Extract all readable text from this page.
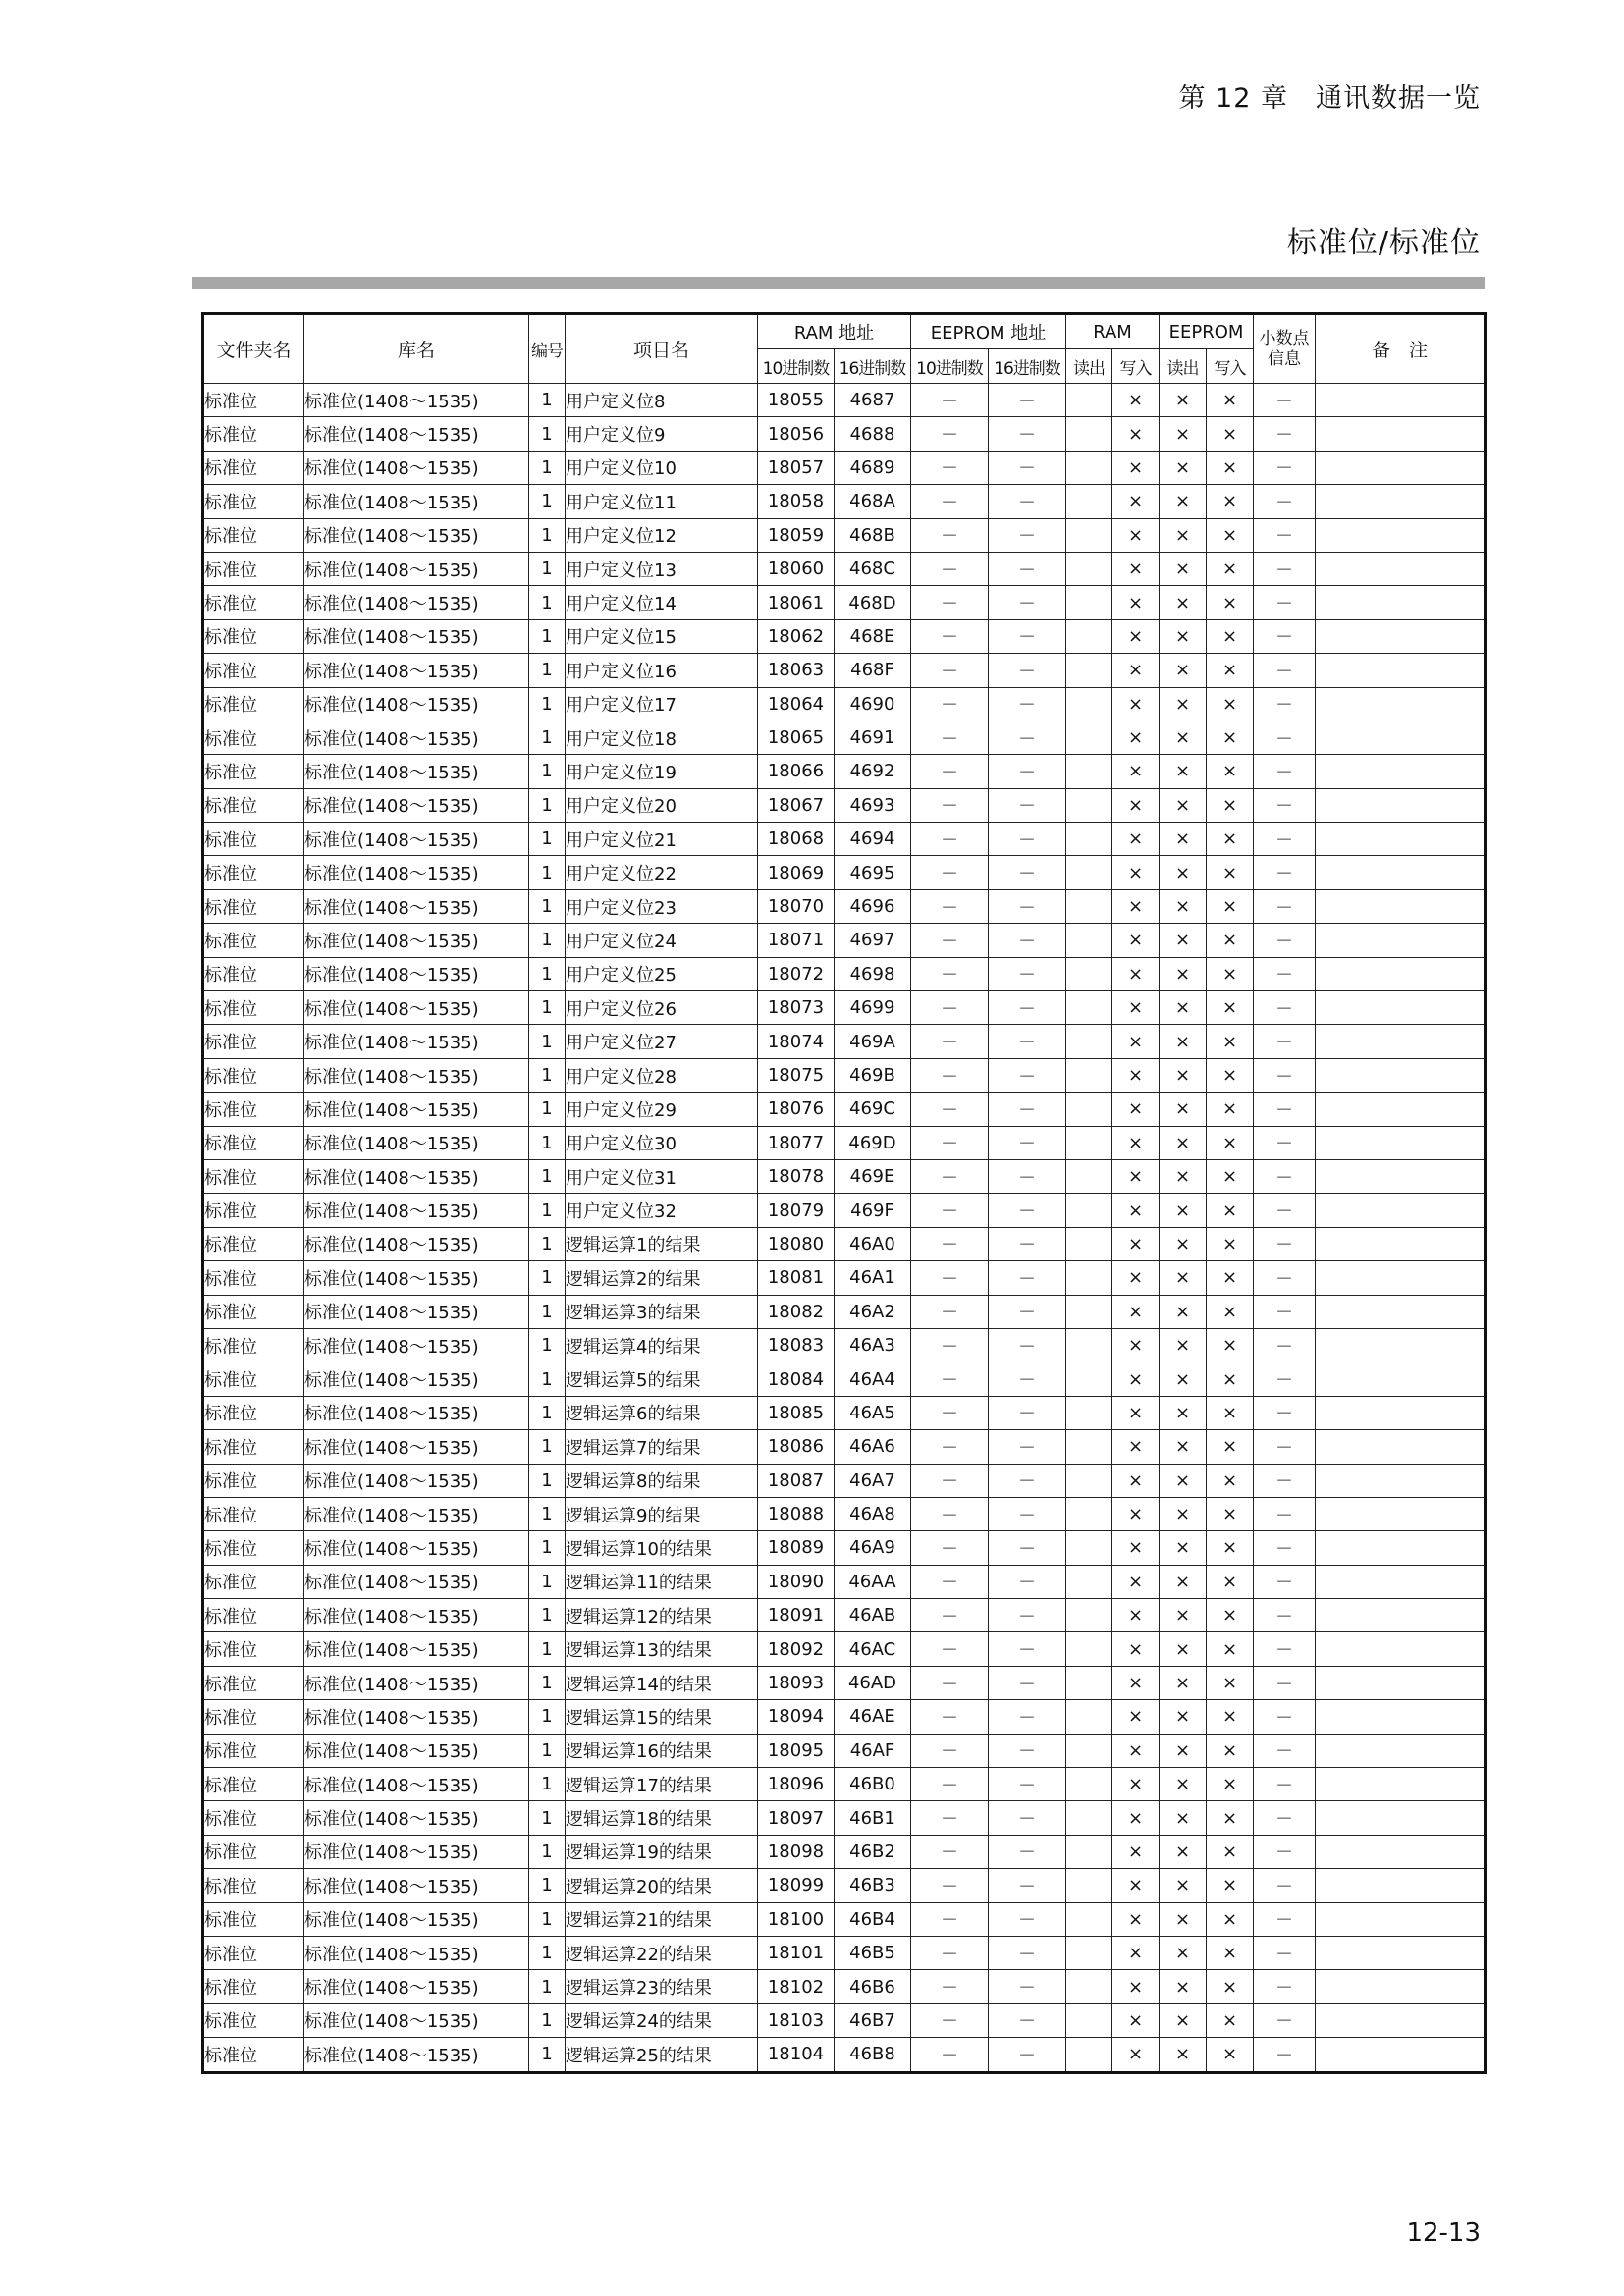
第 12 章　通讯数据一览
标准位/标准位
文件夹名	库名	编号	项目名	RAM 地址		EEPROM 地址		RAM		EEPROM		小数点信息	备　注
				10进制数	16进制数	10进制数	16进制数	读出	写入	读出	写入		
标准位	标准位(1408～1535)	1	用户定义位8	18055	4687	－	－		×	×	×	－	
标准位	标准位(1408～1535)	1	用户定义位9	18056	4688	－	－		×	×	×	－	
标准位	标准位(1408～1535)	1	用户定义位10	18057	4689	－	－		×	×	×	－	
标准位	标准位(1408～1535)	1	用户定义位11	18058	468A	－	－		×	×	×	－	
标准位	标准位(1408～1535)	1	用户定义位12	18059	468B	－	－		×	×	×	－	
标准位	标准位(1408～1535)	1	用户定义位13	18060	468C	－	－		×	×	×	－	
标准位	标准位(1408～1535)	1	用户定义位14	18061	468D	－	－		×	×	×	－	
标准位	标准位(1408～1535)	1	用户定义位15	18062	468E	－	－		×	×	×	－	
标准位	标准位(1408～1535)	1	用户定义位16	18063	468F	－	－		×	×	×	－	
标准位	标准位(1408～1535)	1	用户定义位17	18064	4690	－	－		×	×	×	－	
标准位	标准位(1408～1535)	1	用户定义位18	18065	4691	－	－		×	×	×	－	
标准位	标准位(1408～1535)	1	用户定义位19	18066	4692	－	－		×	×	×	－	
标准位	标准位(1408～1535)	1	用户定义位20	18067	4693	－	－		×	×	×	－	
标准位	标准位(1408～1535)	1	用户定义位21	18068	4694	－	－		×	×	×	－	
标准位	标准位(1408～1535)	1	用户定义位22	18069	4695	－	－		×	×	×	－	
标准位	标准位(1408～1535)	1	用户定义位23	18070	4696	－	－		×	×	×	－	
标准位	标准位(1408～1535)	1	用户定义位24	18071	4697	－	－		×	×	×	－	
标准位	标准位(1408～1535)	1	用户定义位25	18072	4698	－	－		×	×	×	－	
标准位	标准位(1408～1535)	1	用户定义位26	18073	4699	－	－		×	×	×	－	
标准位	标准位(1408～1535)	1	用户定义位27	18074	469A	－	－		×	×	×	－	
标准位	标准位(1408～1535)	1	用户定义位28	18075	469B	－	－		×	×	×	－	
标准位	标准位(1408～1535)	1	用户定义位29	18076	469C	－	－		×	×	×	－	
标准位	标准位(1408～1535)	1	用户定义位30	18077	469D	－	－		×	×	×	－	
标准位	标准位(1408～1535)	1	用户定义位31	18078	469E	－	－		×	×	×	－	
标准位	标准位(1408～1535)	1	用户定义位32	18079	469F	－	－		×	×	×	－	
标准位	标准位(1408～1535)	1	逻辑运算1的结果	18080	46A0	－	－		×	×	×	－	
标准位	标准位(1408～1535)	1	逻辑运算2的结果	18081	46A1	－	－		×	×	×	－	
标准位	标准位(1408～1535)	1	逻辑运算3的结果	18082	46A2	－	－		×	×	×	－	
标准位	标准位(1408～1535)	1	逻辑运算4的结果	18083	46A3	－	－		×	×	×	－	
标准位	标准位(1408～1535)	1	逻辑运算5的结果	18084	46A4	－	－		×	×	×	－	
标准位	标准位(1408～1535)	1	逻辑运算6的结果	18085	46A5	－	－		×	×	×	－	
标准位	标准位(1408～1535)	1	逻辑运算7的结果	18086	46A6	－	－		×	×	×	－	
标准位	标准位(1408～1535)	1	逻辑运算8的结果	18087	46A7	－	－		×	×	×	－	
标准位	标准位(1408～1535)	1	逻辑运算9的结果	18088	46A8	－	－		×	×	×	－	
标准位	标准位(1408～1535)	1	逻辑运算10的结果	18089	46A9	－	－		×	×	×	－	
标准位	标准位(1408～1535)	1	逻辑运算11的结果	18090	46AA	－	－		×	×	×	－	
标准位	标准位(1408～1535)	1	逻辑运算12的结果	18091	46AB	－	－		×	×	×	－	
标准位	标准位(1408～1535)	1	逻辑运算13的结果	18092	46AC	－	－		×	×	×	－	
标准位	标准位(1408～1535)	1	逻辑运算14的结果	18093	46AD	－	－		×	×	×	－	
标准位	标准位(1408～1535)	1	逻辑运算15的结果	18094	46AE	－	－		×	×	×	－	
标准位	标准位(1408～1535)	1	逻辑运算16的结果	18095	46AF	－	－		×	×	×	－	
标准位	标准位(1408～1535)	1	逻辑运算17的结果	18096	46B0	－	－		×	×	×	－	
标准位	标准位(1408～1535)	1	逻辑运算18的结果	18097	46B1	－	－		×	×	×	－	
标准位	标准位(1408～1535)	1	逻辑运算19的结果	18098	46B2	－	－		×	×	×	－	
标准位	标准位(1408～1535)	1	逻辑运算20的结果	18099	46B3	－	－		×	×	×	－	
标准位	标准位(1408～1535)	1	逻辑运算21的结果	18100	46B4	－	－		×	×	×	－	
标准位	标准位(1408～1535)	1	逻辑运算22的结果	18101	46B5	－	－		×	×	×	－	
标准位	标准位(1408～1535)	1	逻辑运算23的结果	18102	46B6	－	－		×	×	×	－	
标准位	标准位(1408～1535)	1	逻辑运算24的结果	18103	46B7	－	－		×	×	×	－	
标准位	标准位(1408～1535)	1	逻辑运算25的结果	18104	46B8	－	－		×	×	×	－	
12-13
